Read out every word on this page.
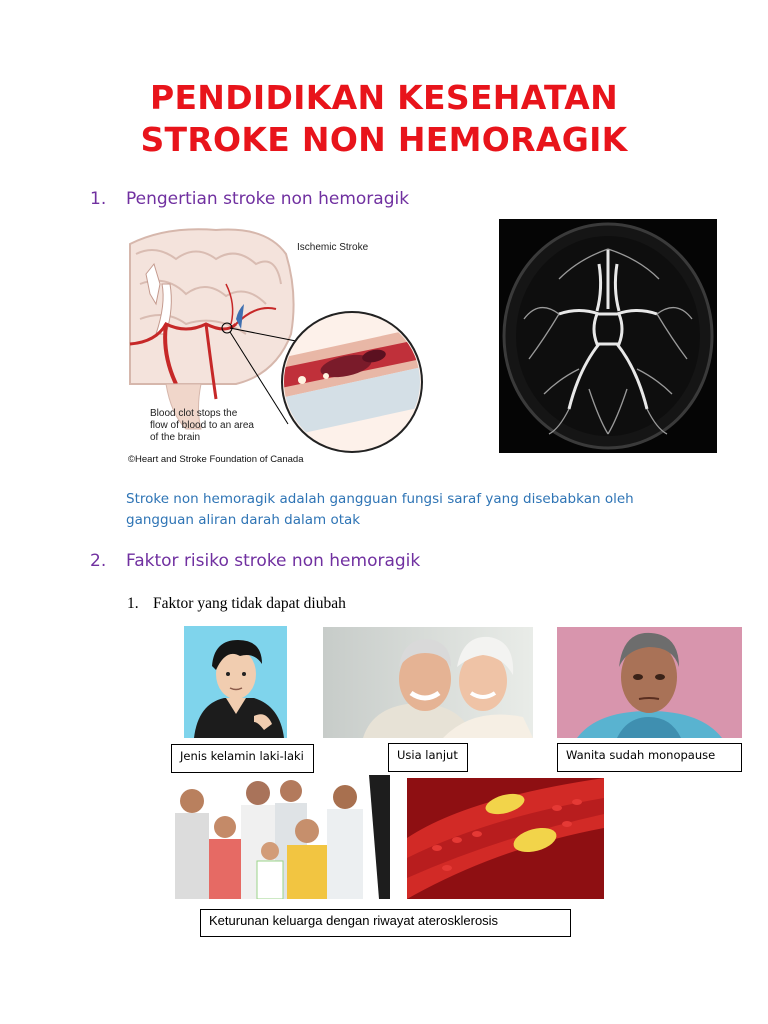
PENDIDIKAN KESEHATAN
STROKE NON HEMORAGIK
1. Pengertian stroke non hemoragik
Ischemic Stroke
Blood clot stops the
flow of blood to an area
of the brain
©Heart and Stroke Foundation of Canada
Stroke non hemoragik adalah gangguan fungsi saraf yang disebabkan oleh
gangguan aliran darah dalam otak
2. Faktor risiko stroke non hemoragik
1. Faktor yang tidak dapat diubah
Jenis kelamin laki-laki	Usia lanjut	Wanita sudah monopause
Keturunan keluarga dengan riwayat aterosklerosis
